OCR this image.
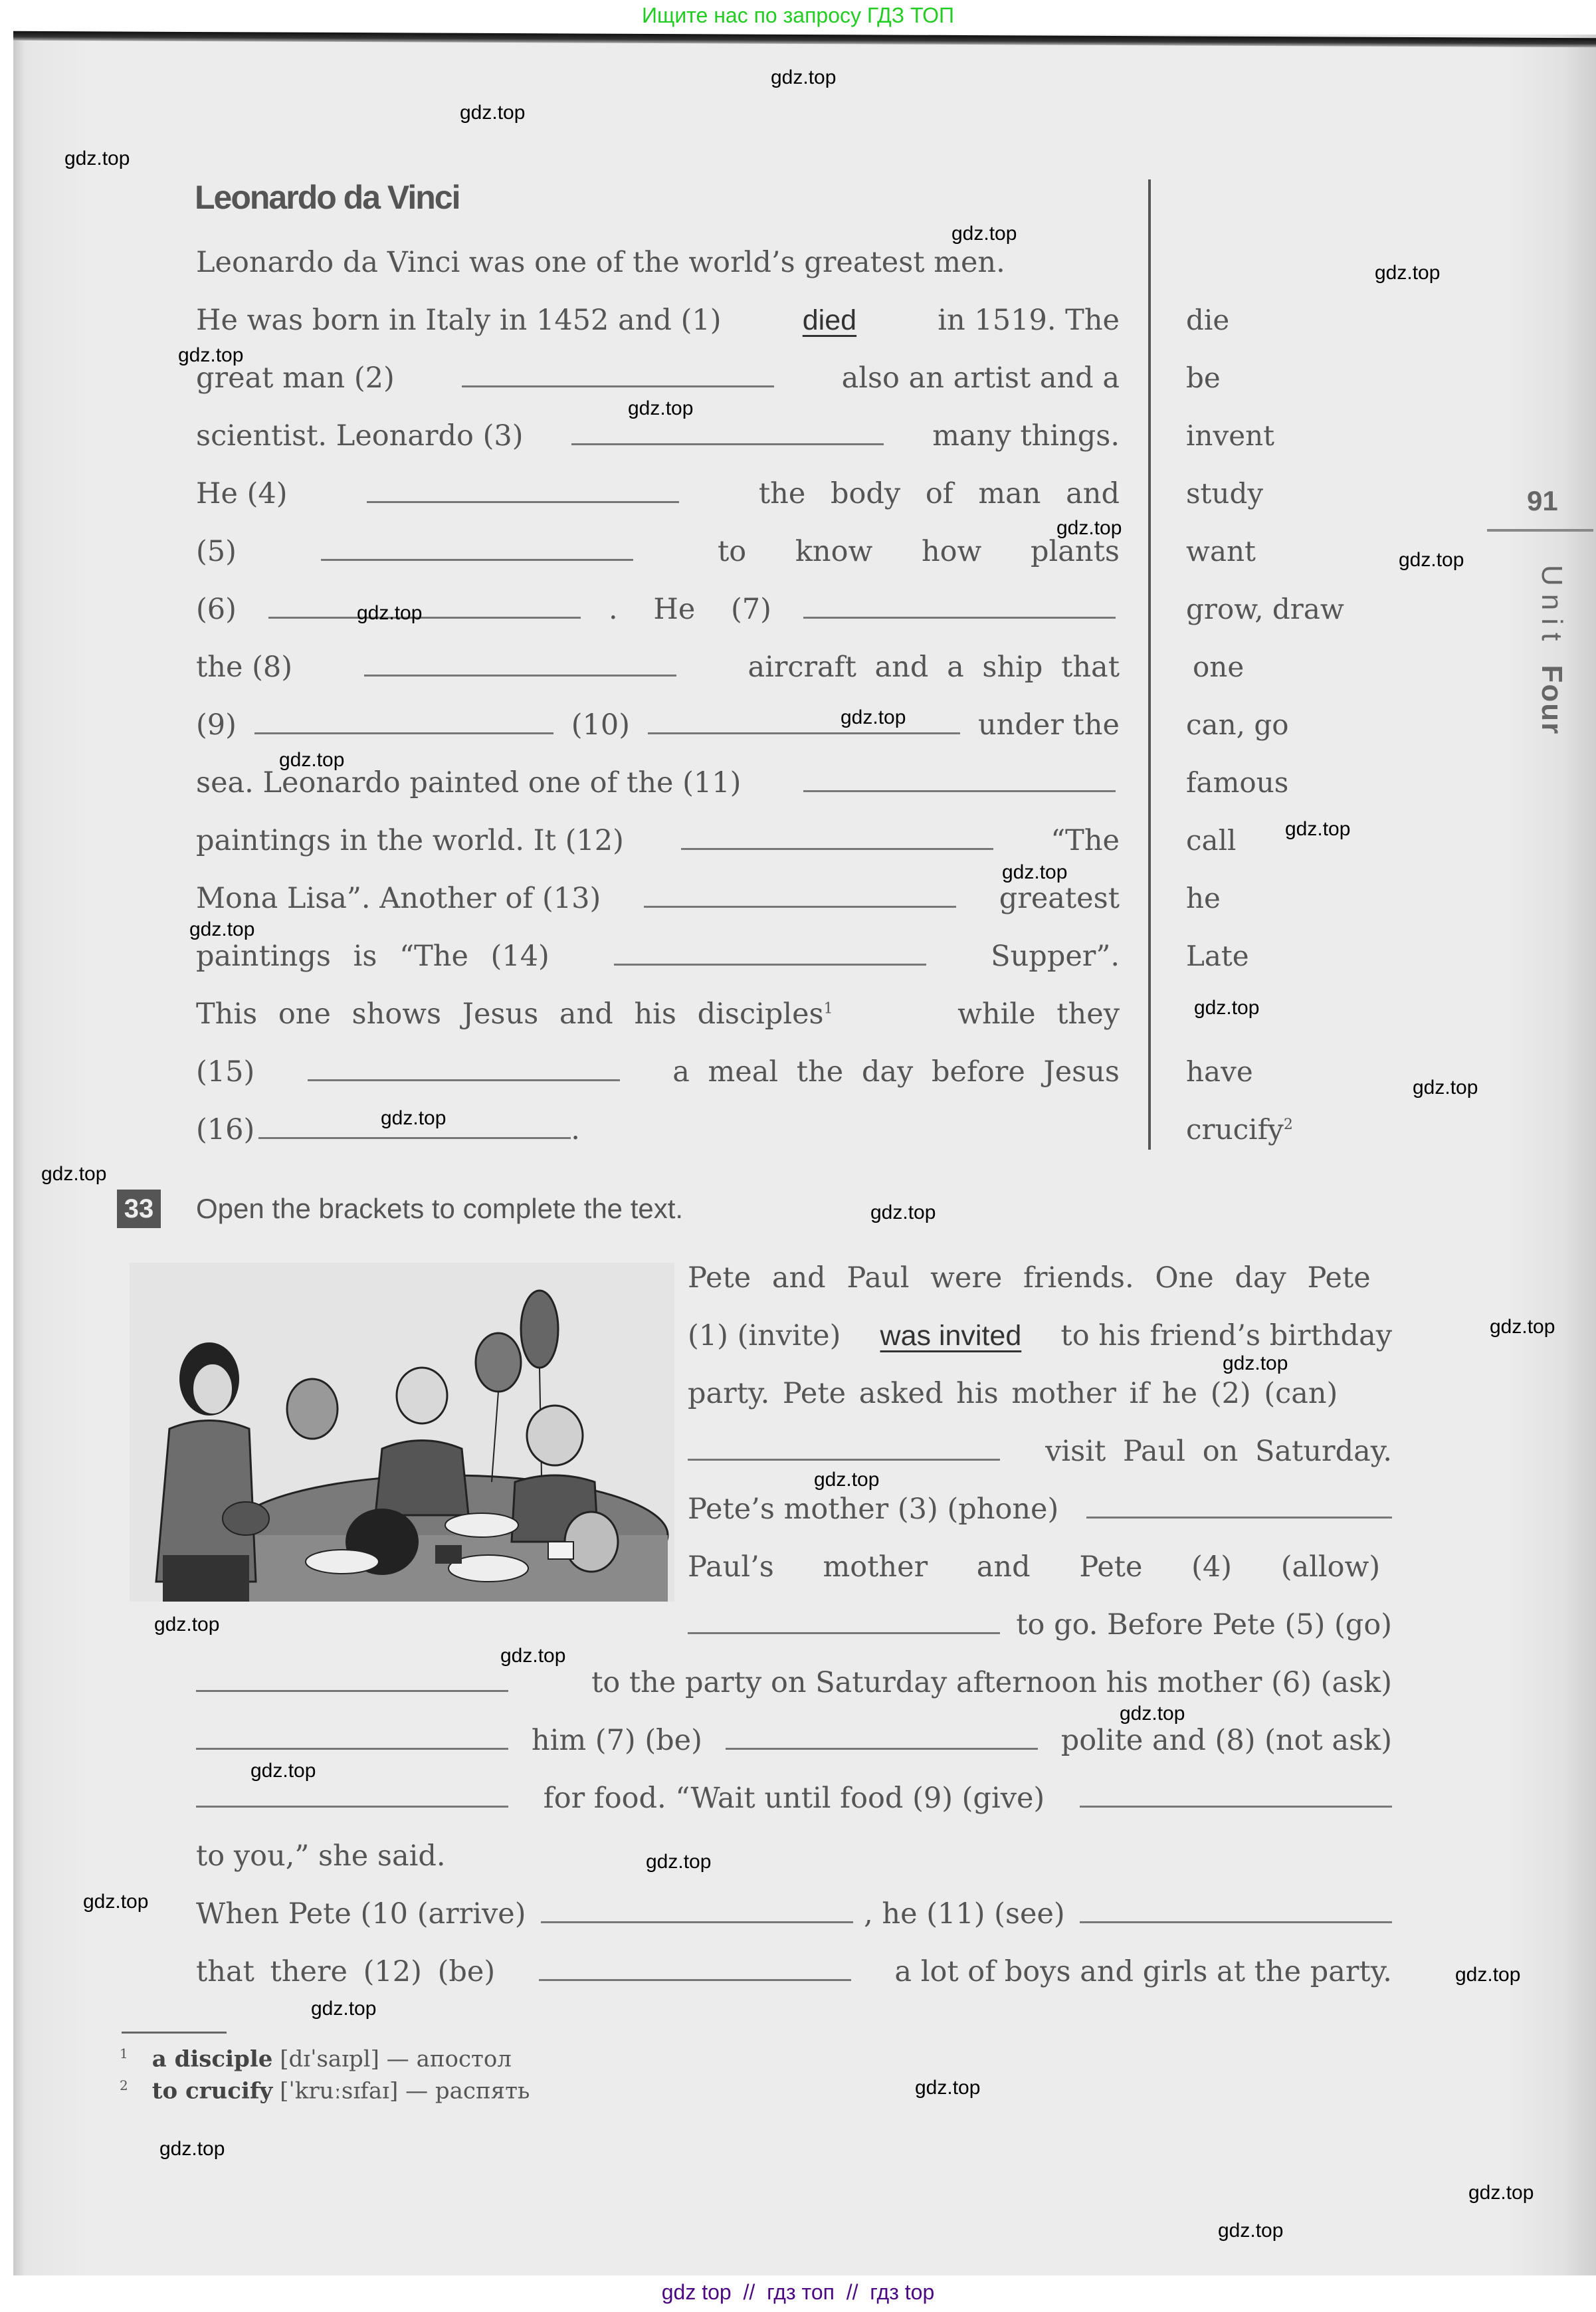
Ищите нас по запросу ГДЗ ТОП
Leonardo da Vinci
Leonardo da Vinci was one of the world’s greatest men.
He was born in Italy in 1452 and (1)	died	in 1519. The
great man (2)	also an artist and a
scientist. Leonardo (3)	many things.
He (4)	the body of man and
(5)	to know how plants
(6)	. He (7)
the (8)	aircraft and a ship that
(9)	(10)	under the
sea. Leonardo painted one of the (11)
paintings in the world. It (12)	“The
Mona Lisa”. Another of (13)	greatest
paintings is “The (14)	Supper”.
This one shows Jesus and his disciples$^1$	while they
(15)	a meal the day before Jesus
(16)	.
die
be
invent
study
want
grow, draw
one
can, go
famous
call
he
Late
have
crucify$^2$
91
Unit Four
33 Open the brackets to complete the text.
Pete and Paul were friends. One day Pete
(1) (invite) was invited to his friend’s birthday
party. Pete asked his mother if he (2) (can)
visit Paul on Saturday.
Pete’s mother (3) (phone)
Paul’s mother and Pete (4) (allow)
to go. Before Pete (5) (go)
to the party on Saturday afternoon his mother (6) (ask)
him (7) (be)	polite and (8) (not ask)
for food. “Wait until food (9) (give)
to you,” she said.
When Pete (10 (arrive)	, he (11) (see)
that there (12) (be)	a lot of boys and girls at the party.
$^1$ a disciple [dɪˈsaɪpl] — апостол
$^2$ to crucify [ˈkruːsɪfaɪ] — распять
gdz.top
gdz.top
gdz.top
gdz.top
gdz.top
gdz.top
gdz.top
gdz.top
gdz.top
gdz.top
gdz.top
gdz.top
gdz.top
gdz.top
gdz.top
gdz.top
gdz.top
gdz.top
gdz.top
gdz.top
gdz.top
gdz.top
gdz.top
gdz.top
gdz.top
gdz.top
gdz.top
gdz.top
gdz.top
gdz.top
gdz.top
gdz.top
gdz.top
gdz.top
gdz.top
gdz top  //  гдз топ  //  гдз top
